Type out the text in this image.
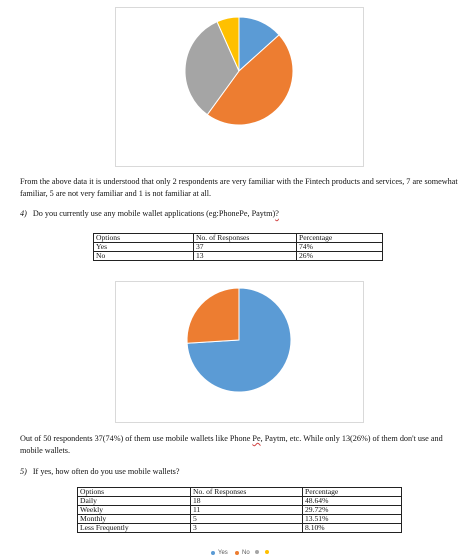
From the above data it is understood that only 2 respondents are very familiar with the Fintech products and services, 7 are somewhat familiar, 5 are not very familiar and 1 is not familiar at all.

4) Do you currently use any mobile wallet applications (eg:PhonePe, Paytm)?
Options	No. of Responses	Percentage
Yes	37	74%
No	13	26%
Yes No

Out of 50 respondents 37(74%) of them use mobile wallets like Phone Pe, Paytm, etc. While only 13(26%) of them don't use and mobile wallets.

5) If yes, how often do you use mobile wallets?
Options	No. of Responses	Percentage
Daily	18	48.64%
Weekly	11	29.72%
Monthly	5	13.51%
Less Frequently	3	8.10%
